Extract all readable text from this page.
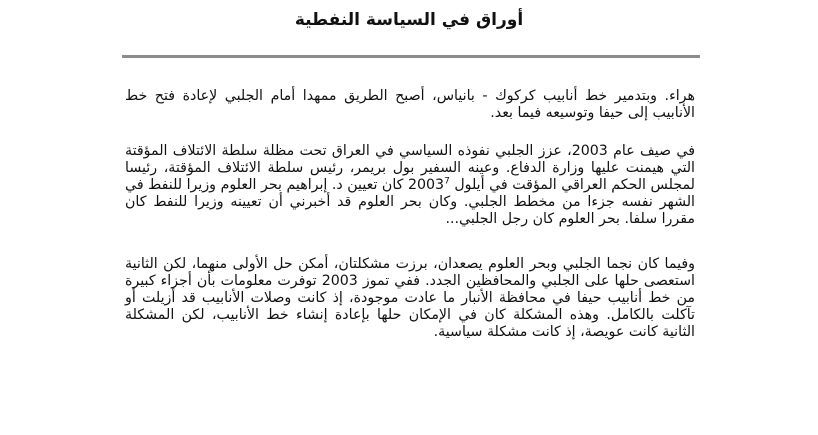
أوراق في السياسة النفطية

هراء. وبتدمير خط أنابيب كركوك - بانياس، أصبح الطريق ممهدا أمام الجلبي لإعادة فتح خط الأنابيب إلى حيفا وتوسيعه فيما بعد.

في صيف عام 2003، عزز الجلبي نفوذه السياسي في العراق تحت مظلة سلطة الائتلاف المؤقتة التي هيمنت عليها وزارة الدفاع. وعينه السفير بول بريمر، رئيس سلطة الائتلاف المؤقتة، رئيسا لمجلس الحكم العراقي المؤقت في أيلول 2003$^7$ كان تعيين د. إبراهيم بحر العلوم وزيرا للنفط في الشهر نفسه جزءا من مخطط الجلبي. وكان بحر العلوم قد أخبرني أن تعيينه وزيرا للنفط كان مقررا سلفا. بحر العلوم كان رجل الجلبي...

وفيما كان نجما الجلبي وبحر العلوم يصعدان، برزت مشكلتان، أمكن حل الأولى منهما، لكن الثانية استعصى حلها على الجلبي والمحافظين الجدد. ففي تموز 2003 توفرت معلومات بأن أجزاء كبيرة من خط أنابيب حيفا في محافظة الأنبار ما عادت موجودة، إذ كانت وصلات الأنابيب قد أزيلت أو تآكلت بالكامل. وهذه المشكلة كان في الإمكان حلها بإعادة إنشاء خط الأنابيب، لكن المشكلة الثانية كانت عويصة، إذ كانت مشكلة سياسية.
